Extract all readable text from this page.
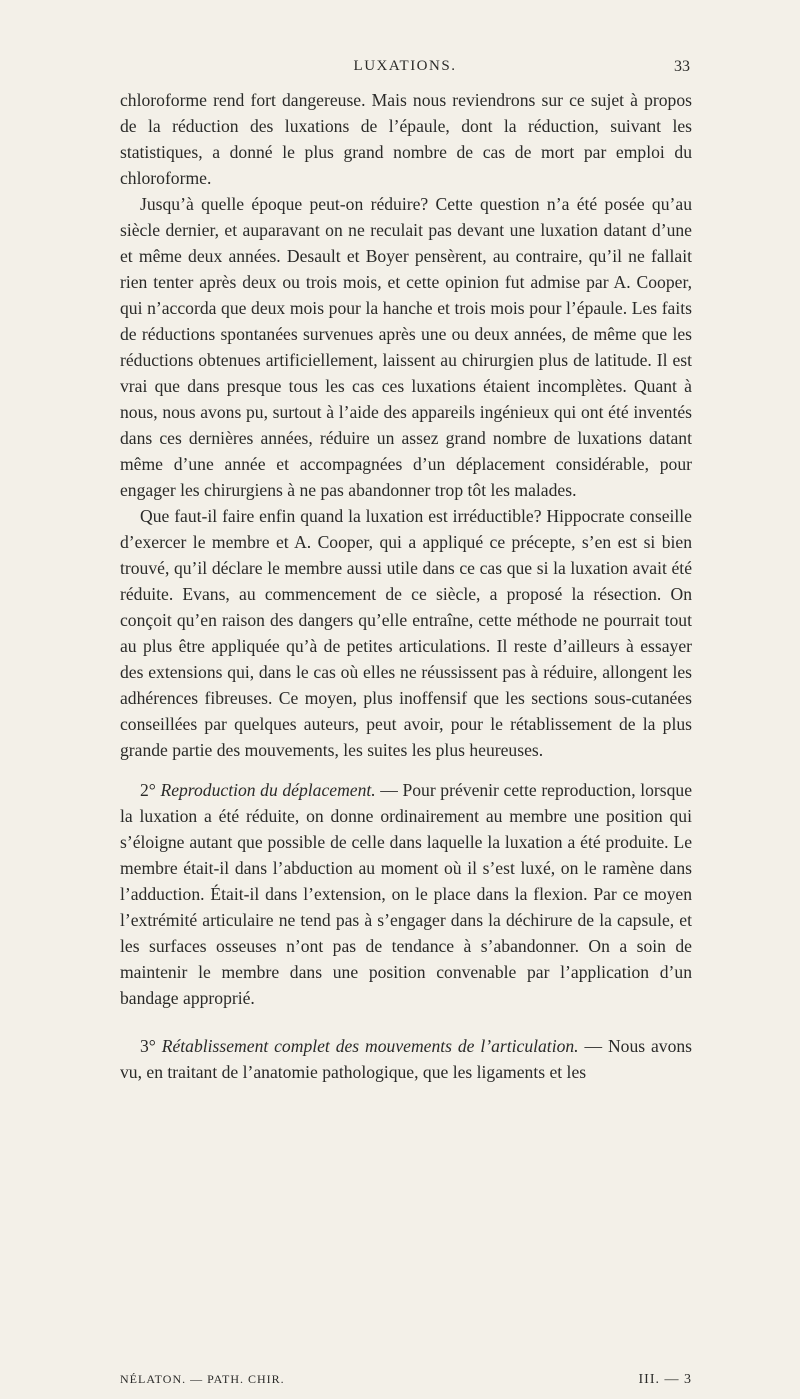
LUXATIONS.	33

chloroforme rend fort dangereuse. Mais nous reviendrons sur ce sujet à propos de la réduction des luxations de l’épaule, dont la réduction, suivant les statistiques, a donné le plus grand nombre de cas de mort par emploi du chloroforme.

Jusqu’à quelle époque peut-on réduire? Cette question n’a été posée qu’au siècle dernier, et auparavant on ne reculait pas devant une luxation datant d’une et même deux années. Desault et Boyer pensèrent, au contraire, qu’il ne fallait rien tenter après deux ou trois mois, et cette opinion fut admise par A. Cooper, qui n’accorda que deux mois pour la hanche et trois mois pour l’épaule. Les faits de réductions spontanées survenues après une ou deux années, de même que les réductions obtenues artificiellement, laissent au chirurgien plus de latitude. Il est vrai que dans presque tous les cas ces luxations étaient incomplètes. Quant à nous, nous avons pu, surtout à l’aide des appareils ingénieux qui ont été inventés dans ces dernières années, réduire un assez grand nombre de luxations datant même d’une année et accompagnées d’un déplacement considérable, pour engager les chirurgiens à ne pas abandonner trop tôt les malades.

Que faut-il faire enfin quand la luxation est irréductible? Hippocrate conseille d’exercer le membre et A. Cooper, qui a appliqué ce précepte, s’en est si bien trouvé, qu’il déclare le membre aussi utile dans ce cas que si la luxation avait été réduite. Evans, au commencement de ce siècle, a proposé la résection. On conçoit qu’en raison des dangers qu’elle entraîne, cette méthode ne pourrait tout au plus être appliquée qu’à de petites articulations. Il reste d’ailleurs à essayer des extensions qui, dans le cas où elles ne réussissent pas à réduire, allongent les adhérences fibreuses. Ce moyen, plus inoffensif que les sections sous-cutanées conseillées par quelques auteurs, peut avoir, pour le rétablissement de la plus grande partie des mouvements, les suites les plus heureuses.

2° Reproduction du déplacement. — Pour prévenir cette reproduction, lorsque la luxation a été réduite, on donne ordinairement au membre une position qui s’éloigne autant que possible de celle dans laquelle la luxation a été produite. Le membre était-il dans l’abduction au moment où il s’est luxé, on le ramène dans l’adduction. Était-il dans l’extension, on le place dans la flexion. Par ce moyen l’extrémité articulaire ne tend pas à s’engager dans la déchirure de la capsule, et les surfaces osseuses n’ont pas de tendance à s’abandonner. On a soin de maintenir le membre dans une position convenable par l’application d’un bandage approprié.

3° Rétablissement complet des mouvements de l’articulation. — Nous avons vu, en traitant de l’anatomie pathologique, que les ligaments et les

NÉLATON. — PATH. CHIR.	III. — 3
